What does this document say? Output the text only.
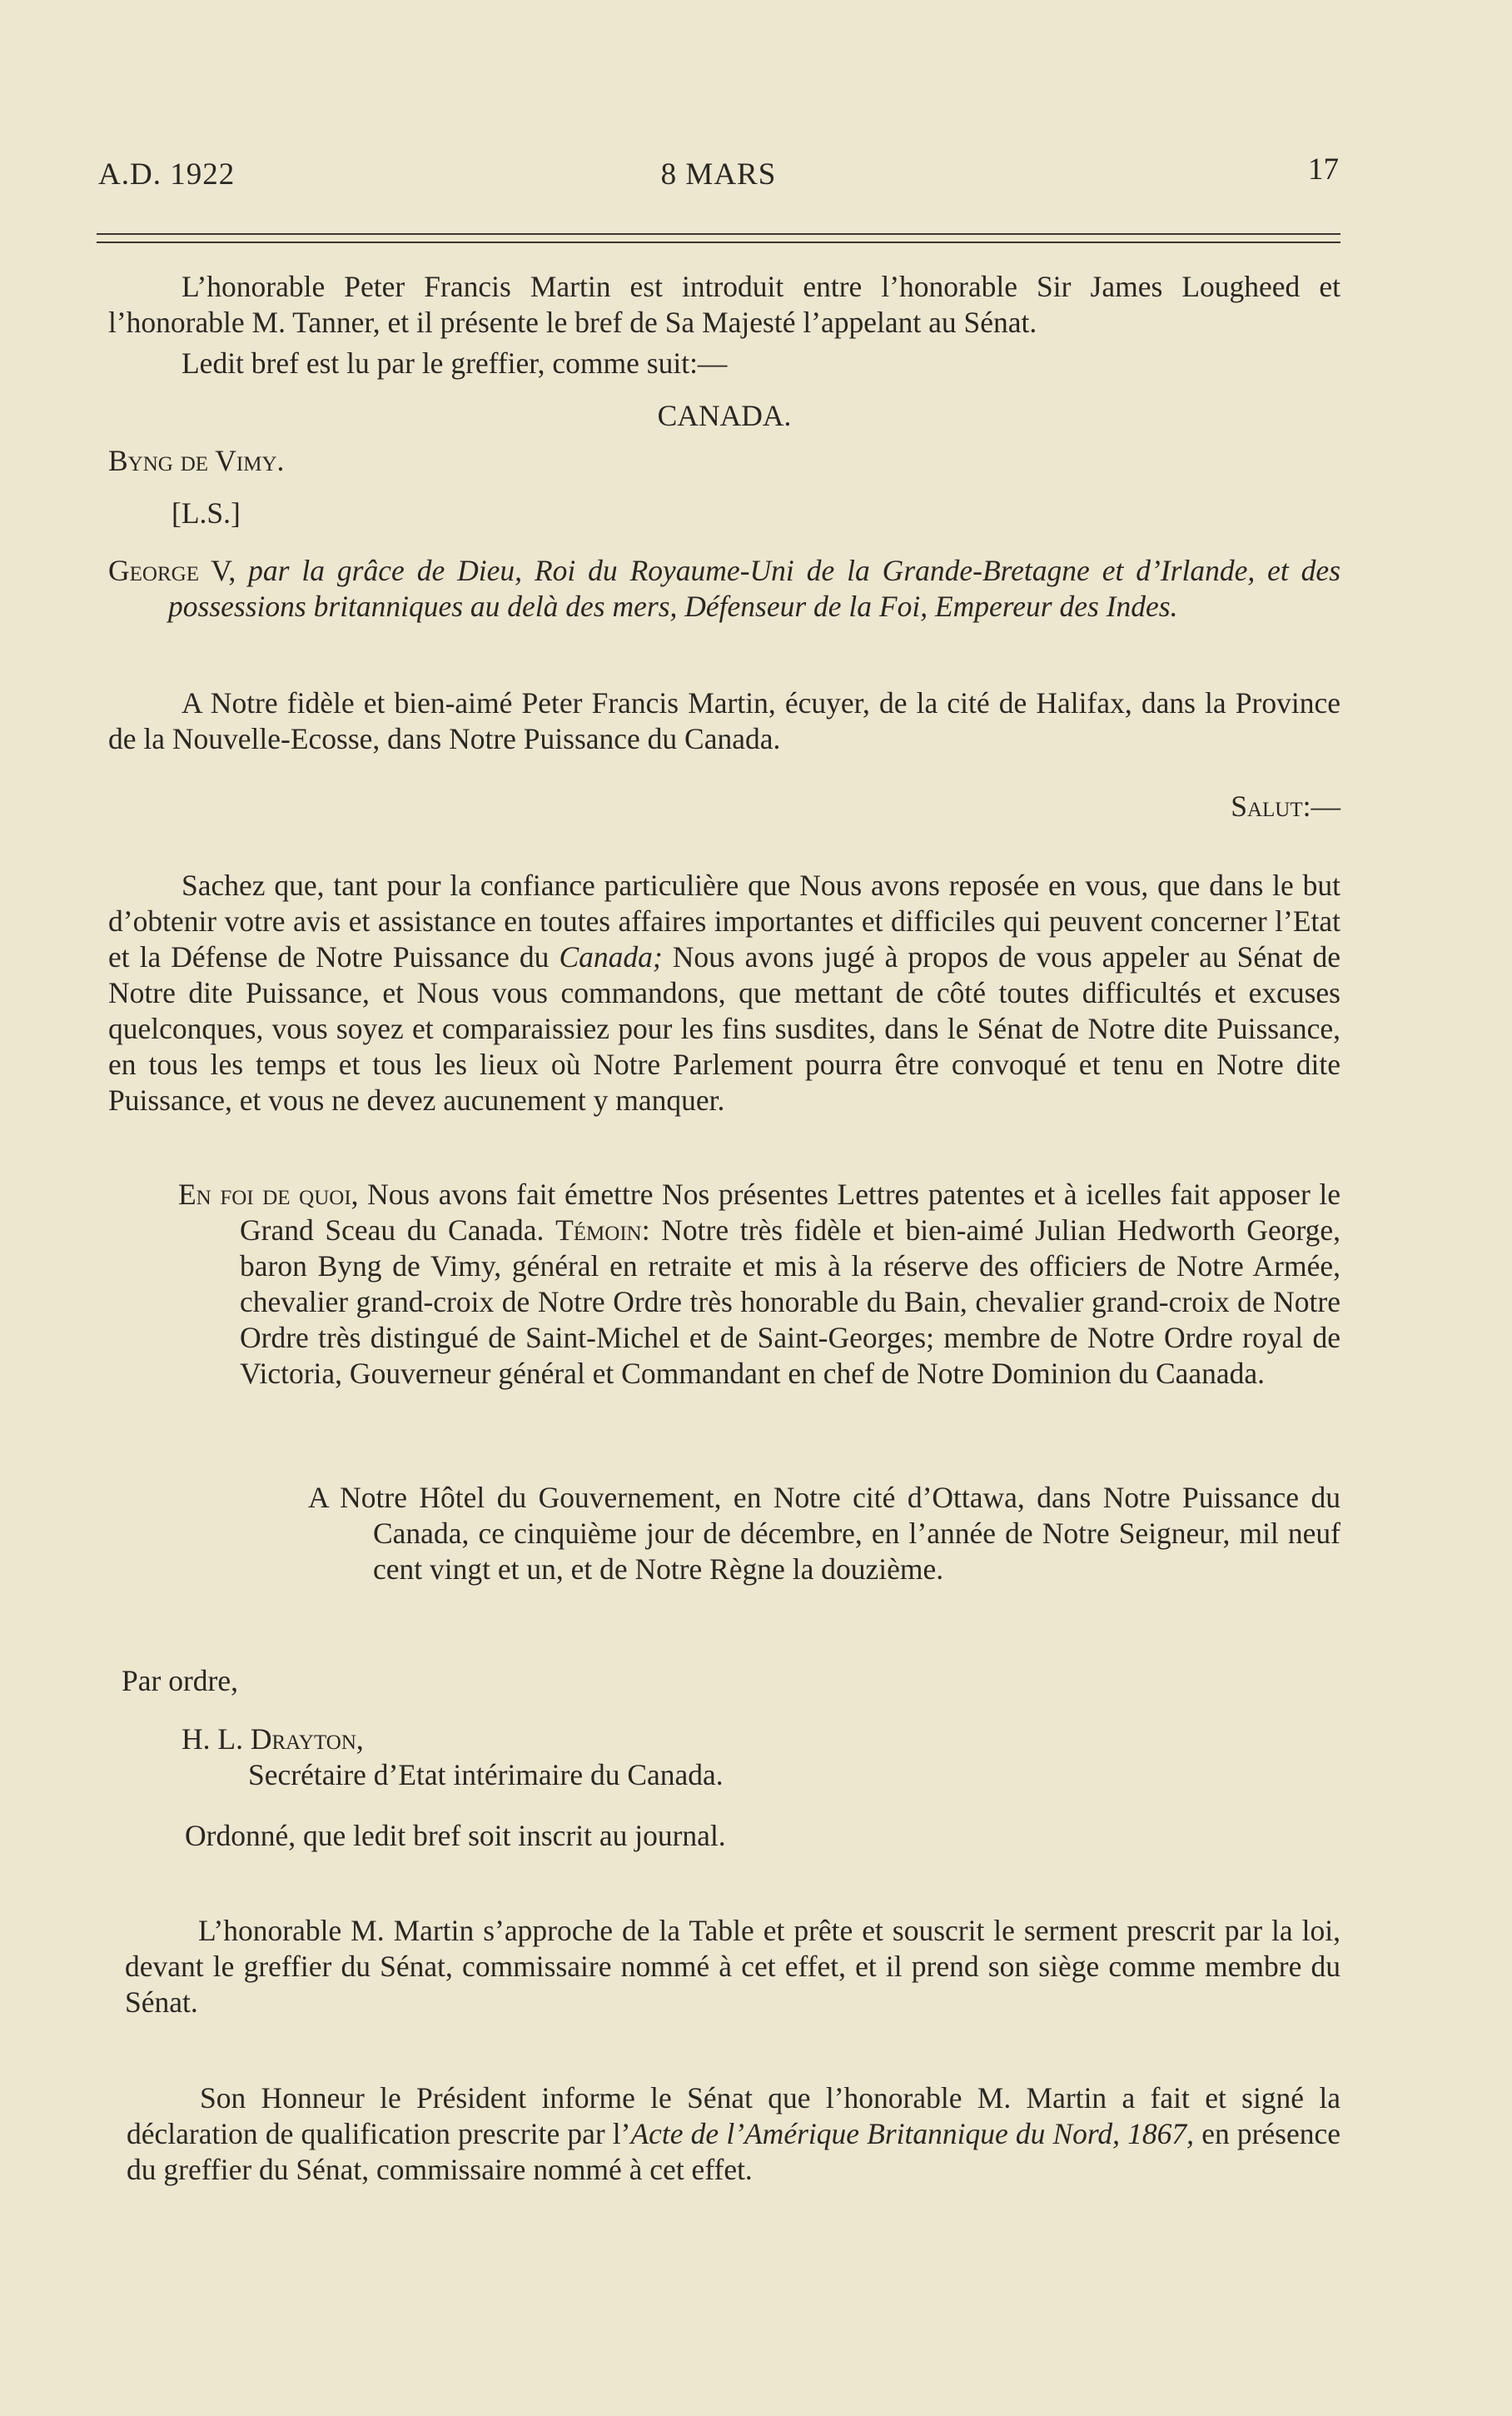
A.D. 1922	8 MARS	17

L’honorable Peter Francis Martin est introduit entre l’honorable Sir James Lougheed et l’honorable M. Tanner, et il présente le bref de Sa Majesté l’appelant au Sénat.

Ledit bref est lu par le greffier, comme suit:—

CANADA.

Byng de Vimy.

[L.S.]

George V, par la grâce de Dieu, Roi du Royaume-Uni de la Grande-Bretagne et d’Irlande, et des possessions britanniques au delà des mers, Défenseur de la Foi, Empereur des Indes.

A Notre fidèle et bien-aimé Peter Francis Martin, écuyer, de la cité de Halifax, dans la Province de la Nouvelle-Ecosse, dans Notre Puissance du Canada.

Salut:—

Sachez que, tant pour la confiance particulière que Nous avons reposée en vous, que dans le but d’obtenir votre avis et assistance en toutes affaires importantes et difficiles qui peuvent concerner l’Etat et la Défense de Notre Puissance du Canada; Nous avons jugé à propos de vous appeler au Sénat de Notre dite Puissance, et Nous vous commandons, que mettant de côté toutes difficultés et excuses quelconques, vous soyez et comparaissiez pour les fins susdites, dans le Sénat de Notre dite Puissance, en tous les temps et tous les lieux où Notre Parlement pourra être convoqué et tenu en Notre dite Puissance, et vous ne devez aucunement y manquer.

En foi de quoi, Nous avons fait émettre Nos présentes Lettres patentes et à icelles fait apposer le Grand Sceau du Canada. Témoin: Notre très fidèle et bien-aimé Julian Hedworth George, baron Byng de Vimy, général en retraite et mis à la réserve des officiers de Notre Armée, chevalier grand-croix de Notre Ordre très honorable du Bain, chevalier grand-croix de Notre Ordre très distingué de Saint-Michel et de Saint-Georges; membre de Notre Ordre royal de Victoria, Gouverneur général et Commandant en chef de Notre Dominion du Caanada.

A Notre Hôtel du Gouvernement, en Notre cité d’Ottawa, dans Notre Puissance du Canada, ce cinquième jour de décembre, en l’année de Notre Seigneur, mil neuf cent vingt et un, et de Notre Règne la douzième.

Par ordre,

H. L. Drayton,

Secrétaire d’Etat intérimaire du Canada.

Ordonné, que ledit bref soit inscrit au journal.

L’honorable M. Martin s’approche de la Table et prête et souscrit le serment prescrit par la loi, devant le greffier du Sénat, commissaire nommé à cet effet, et il prend son siège comme membre du Sénat.

Son Honneur le Président informe le Sénat que l’honorable M. Martin a fait et signé la déclaration de qualification prescrite par l’Acte de l’Amérique Britannique du Nord, 1867, en présence du greffier du Sénat, commissaire nommé à cet effet.
